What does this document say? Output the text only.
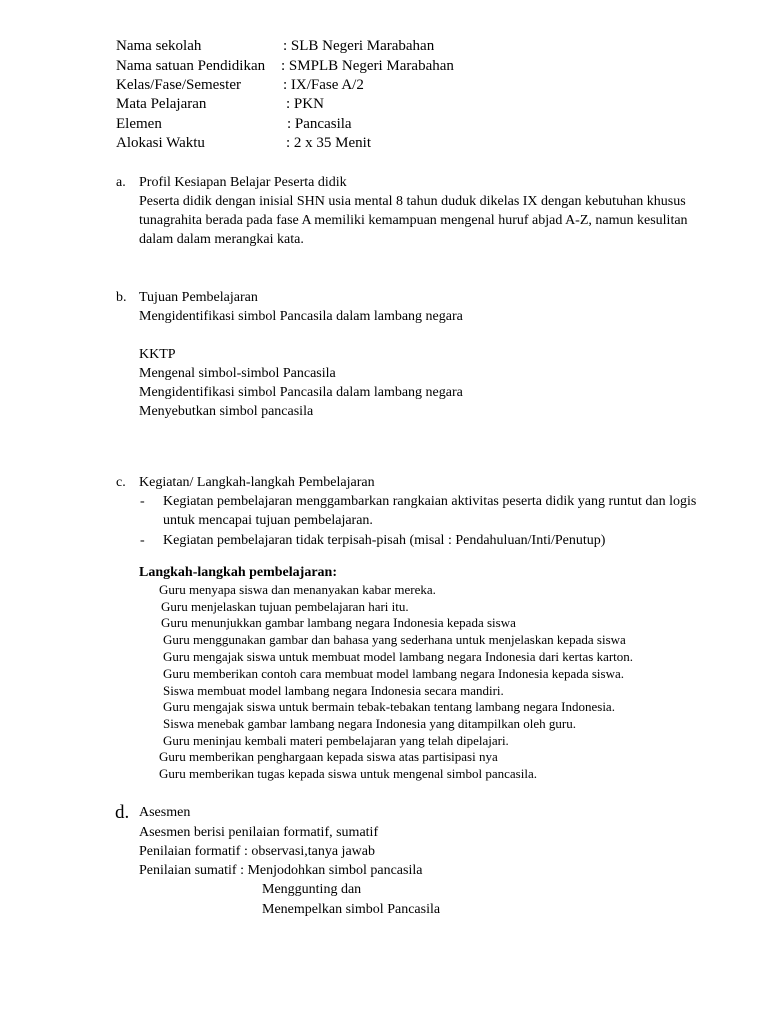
Nama sekolah	: SLB Negeri Marabahan
Nama satuan Pendidikan : SMPLB Negeri Marabahan
Kelas/Fase/Semester	: IX/Fase A/2
Mata Pelajaran	: PKN
Elemen	: Pancasila
Alokasi Waktu	: 2 x 35 Menit
a. Profil Kesiapan Belajar Peserta didik
Peserta didik dengan inisial SHN usia mental 8 tahun duduk dikelas IX dengan kebutuhan khusus
tunagrahita berada pada fase A memiliki kemampuan mengenal huruf abjad A-Z, namun kesulitan
dalam dalam merangkai kata.
b. Tujuan Pembelajaran
Mengidentifikasi simbol Pancasila dalam lambang negara
KKTP
Mengenal simbol-simbol Pancasila
Mengidentifikasi simbol Pancasila dalam lambang negara
Menyebutkan simbol pancasila
c. Kegiatan/ Langkah-langkah Pembelajaran
- Kegiatan pembelajaran menggambarkan rangkaian aktivitas peserta didik yang runtut dan logis
untuk mencapai tujuan pembelajaran.
- Kegiatan pembelajaran tidak terpisah-pisah (misal : Pendahuluan/Inti/Penutup)
Langkah-langkah pembelajaran:
Guru menyapa siswa dan menanyakan kabar mereka.
Guru menjelaskan tujuan pembelajaran hari itu.
Guru menunjukkan gambar lambang negara Indonesia kepada siswa
Guru menggunakan gambar dan bahasa yang sederhana untuk menjelaskan kepada siswa
Guru mengajak siswa untuk membuat model lambang negara Indonesia dari kertas karton.
Guru memberikan contoh cara membuat model lambang negara Indonesia kepada siswa.
Siswa membuat model lambang negara Indonesia secara mandiri.
Guru mengajak siswa untuk bermain tebak-tebakan tentang lambang negara Indonesia.
Siswa menebak gambar lambang negara Indonesia yang ditampilkan oleh guru.
Guru meninjau kembali materi pembelajaran yang telah dipelajari.
Guru memberikan penghargaan kepada siswa atas partisipasi nya
Guru memberikan tugas kepada siswa untuk mengenal simbol pancasila.
d. Asesmen
Asesmen berisi penilaian formatif, sumatif
Penilaian formatif : observasi,tanya jawab
Penilaian sumatif : Menjodohkan simbol pancasila
Menggunting dan
Menempelkan simbol Pancasila
